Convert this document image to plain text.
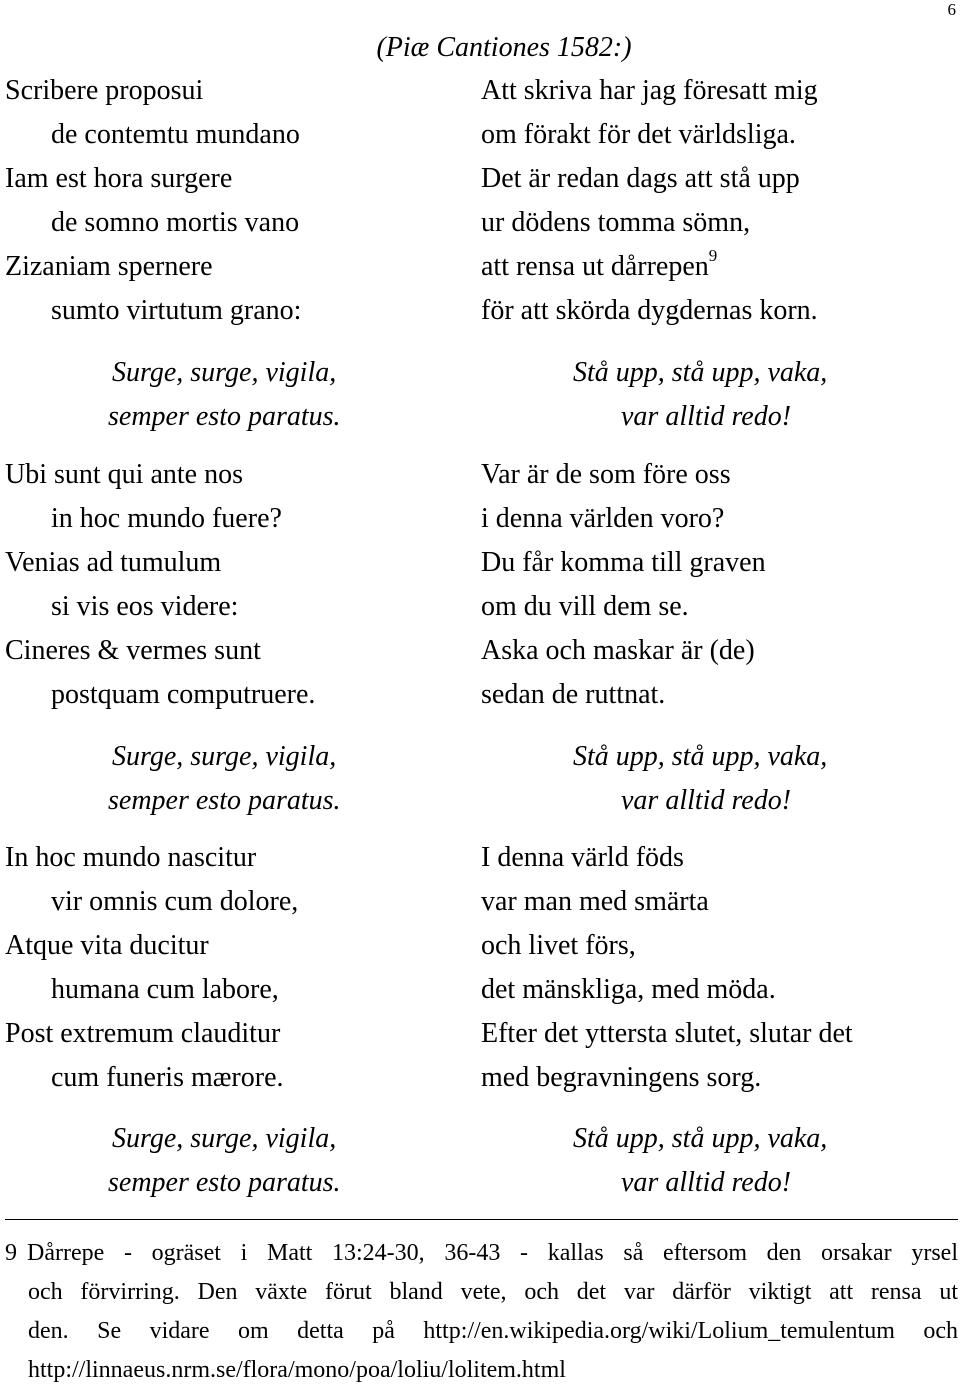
6
(Piæ Cantiones 1582:)
Scribere proposui
de contemtu mundano
Iam est hora surgere
de somno mortis vano
Zizaniam spernere
sumto virtutum grano:
Att skriva har jag föresatt mig
om förakt för det världsliga.
Det är redan dags att stå upp
ur dödens tomma sömn,
att rensa ut dårrepen$^9$
för att skörda dygdernas korn.
Surge, surge, vigila,
semper esto paratus.
Stå upp, stå upp, vaka,
var alltid redo!
Ubi sunt qui ante nos
in hoc mundo fuere?
Venias ad tumulum
si vis eos videre:
Cineres & vermes sunt
postquam computruere.
Var är de som före oss
i denna världen voro?
Du får komma till graven
om du vill dem se.
Aska och maskar är (de)
sedan de ruttnat.
Surge, surge, vigila,
semper esto paratus.
Stå upp, stå upp, vaka,
var alltid redo!
In hoc mundo nascitur
vir omnis cum dolore,
Atque vita ducitur
humana cum labore,
Post extremum clauditur
cum funeris mærore.
I denna värld föds
var man med smärta
och livet förs,
det mänskliga, med möda.
Efter det yttersta slutet, slutar det
med begravningens sorg.
Surge, surge, vigila,
semper esto paratus.
Stå upp, stå upp, vaka,
var alltid redo!
9 Dårrepe - ogräset i Matt 13:24-30, 36-43 - kallas så eftersom den orsakar yrsel
och förvirring. Den växte förut bland vete, och det var därför viktigt att rensa ut
den. Se vidare om detta på http://en.wikipedia.org/wiki/Lolium_temulentum och
http://linnaeus.nrm.se/flora/mono/poa/loliu/lolitem.html
